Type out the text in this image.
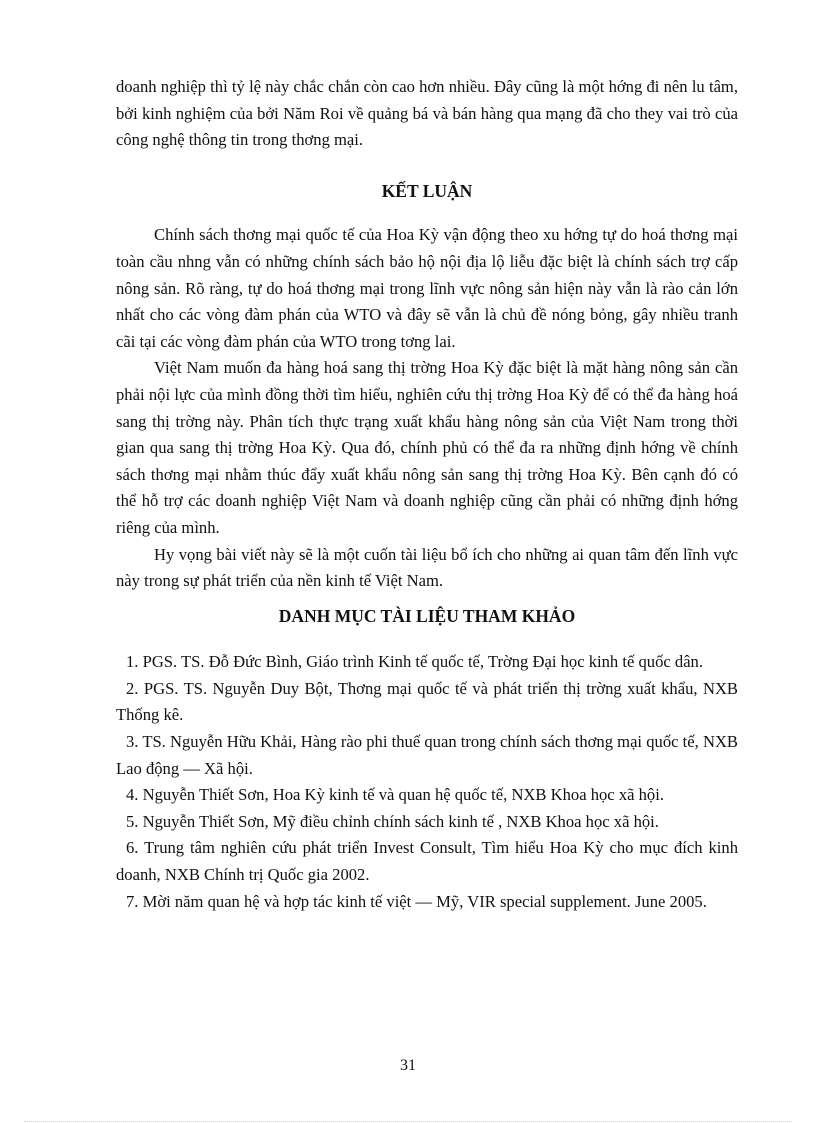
doanh nghiệp thì tỷ lệ này chắc chắn còn cao hơn nhiều. Đây cũng là một hớng đi nên lu tâm, bởi kinh nghiệm của bởi Năm Roi về quảng bá và bán hàng qua mạng đã cho they vai trò của công nghệ thông tin trong thơng mại.

KẾT LUẬN

Chính sách thơng mại quốc tế của Hoa Kỳ vận động theo xu hớng tự do hoá thơng mại toàn cầu nhng vẫn có những chính sách bảo hộ nội địa lộ liễu đặc biệt là chính sách trợ cấp nông sản. Rõ ràng, tự do hoá thơng mại trong lĩnh vực nông sản hiện này vẫn là rào cản lớn nhất cho các vòng đàm phán của WTO và đây sẽ vẫn là chủ đề nóng bỏng, gây nhiều tranh cãi tại các vòng đàm phán của WTO trong tơng lai.

Việt Nam muốn đa hàng hoá sang thị trờng Hoa Kỳ đặc biệt là mặt hàng nông sản cần phải nội lực của mình đồng thời tìm hiểu, nghiên cứu thị trờng Hoa Kỳ để có thể đa hàng hoá sang thị trờng này. Phân tích thực trạng xuất khẩu hàng nông sản của Việt Nam trong thời gian qua sang thị trờng Hoa Kỳ. Qua đó, chính phủ có thể đa ra những định hớng về chính sách thơng mại nhằm thúc đẩy xuất khẩu nông sản sang thị trờng Hoa Kỳ. Bên cạnh đó có thể hỗ trợ các doanh nghiệp Việt Nam và doanh nghiệp cũng cần phải có những định hớng riêng của mình.

Hy vọng bài viết này sẽ là một cuốn tài liệu bổ ích cho những ai quan tâm đến lĩnh vực này trong sự phát triển của nền kinh tế Việt Nam.

DANH MỤC TÀI LIỆU THAM KHẢO

1. PGS. TS. Đỗ Đức Bình, Giáo trình Kinh tế quốc tế, Trờng Đại học kinh tế quốc dân.

2. PGS. TS. Nguyễn Duy Bột, Thơng mại quốc tế và phát triển thị trờng xuất khẩu, NXB Thống kê.

3. TS. Nguyễn Hữu Khải, Hàng rào phi thuế quan trong chính sách thơng mại quốc tế, NXB Lao động — Xã hội.

4. Nguyễn Thiết Sơn, Hoa Kỳ kinh tế và quan hệ quốc tế, NXB Khoa học xã hội.

5. Nguyễn Thiết Sơn, Mỹ điều chỉnh chính sách kinh tế , NXB Khoa học xã hội.

6. Trung tâm nghiên cứu phát triển Invest Consult, Tìm hiểu Hoa Kỳ cho mục đích kinh doanh, NXB Chính trị Quốc gia 2002.

7. Mời năm quan hệ và hợp tác kinh tế việt — Mỹ, VIR special supplement. June 2005.

31
